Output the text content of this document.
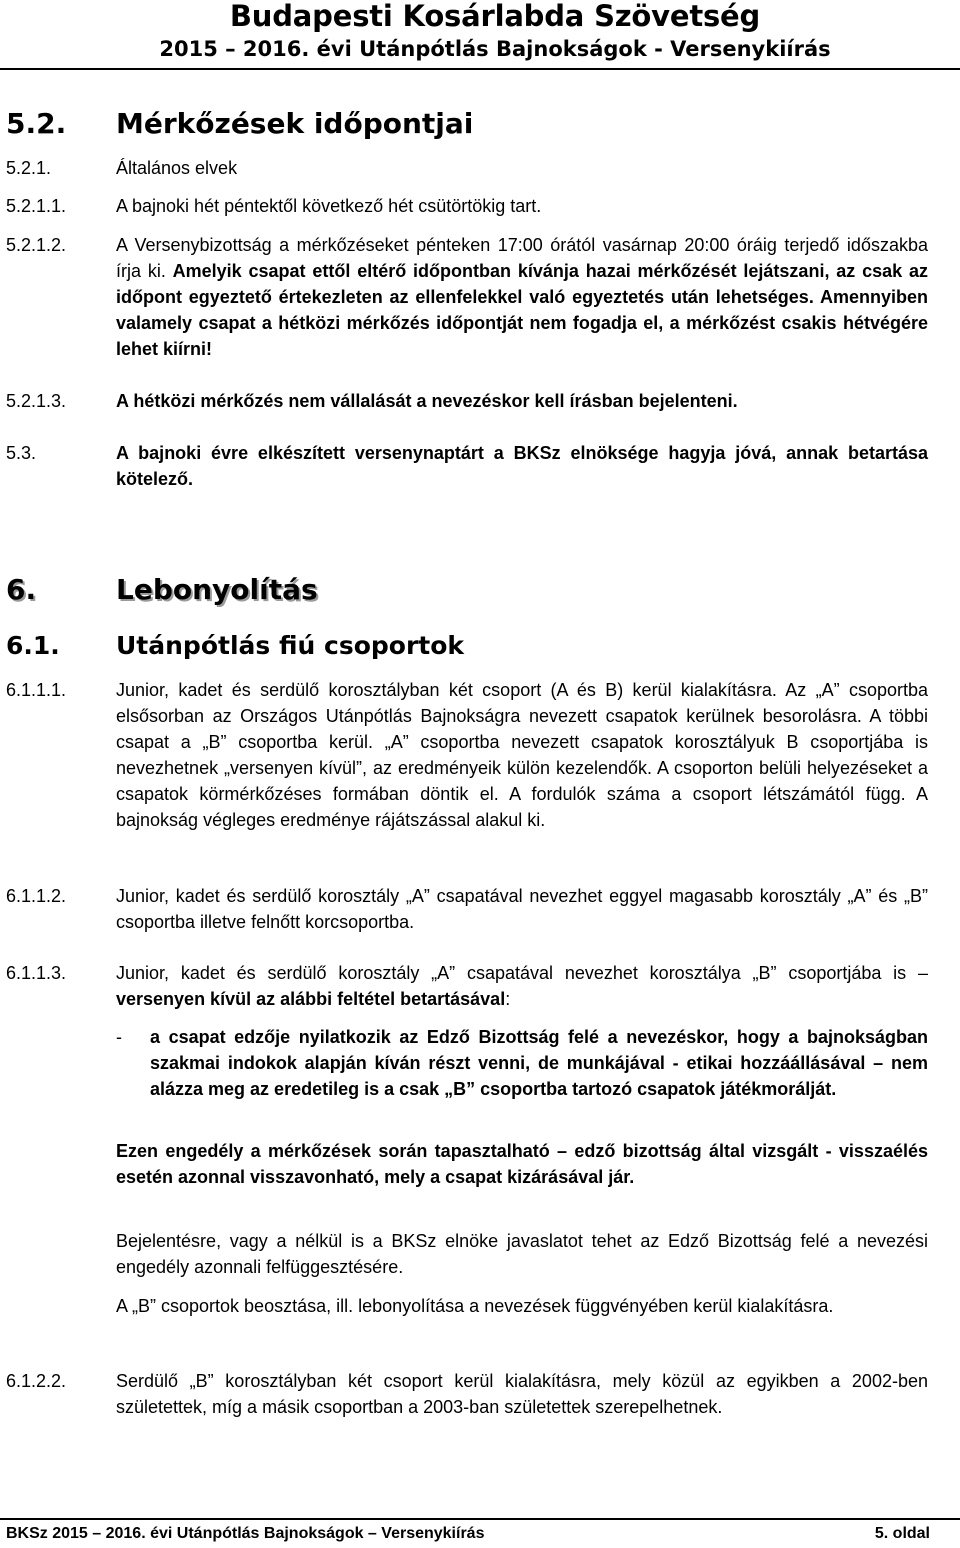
Budapesti Kosárlabda Szövetség
2015 – 2016. évi Utánpótlás Bajnokságok - Versenykiírás
5.2. Mérkőzések időpontjai
5.2.1.	Általános elvek
5.2.1.1.	A bajnoki hét péntektől következő hét csütörtökig tart.
5.2.1.2.	A Versenybizottság a mérkőzéseket pénteken 17:00 órától vasárnap 20:00 óráig terjedő időszakba írja ki. Amelyik csapat ettől eltérő időpontban kívánja hazai mérkőzését lejátszani, az csak az időpont egyeztető értekezleten az ellenfelekkel való egyeztetés után lehetséges. Amennyiben valamely csapat a hétközi mérkőzés időpontját nem fogadja el, a mérkőzést csakis hétvégére lehet kiírni!
5.2.1.3.	A hétközi mérkőzés nem vállalását a nevezéskor kell írásban bejelenteni.
5.3.	A bajnoki évre elkészített versenynaptárt a BKSz elnöksége hagyja jóvá, annak betartása kötelező.
6.	Lebonyolítás
6.1. Utánpótlás fiú csoportok
6.1.1.1.	Junior, kadet és serdülő korosztályban két csoport (A és B) kerül kialakításra. Az „A” csoportba elsősorban az Országos Utánpótlás Bajnokságra nevezett csapatok kerülnek besorolásra. A többi csapat a „B” csoportba kerül. „A” csoportba nevezett csapatok korosztályuk B csoportjába is nevezhetnek „versenyen kívül”, az eredményeik külön kezelendők. A csoporton belüli helyezéseket a csapatok körmérkőzéses formában döntik el. A fordulók száma a csoport létszámától függ. A bajnokság végleges eredménye rájátszással alakul ki.
6.1.1.2.	Junior, kadet és serdülő korosztály „A” csapatával nevezhet eggyel magasabb korosztály „A” és „B” csoportba illetve felnőtt korcsoportba.
6.1.1.3.	Junior, kadet és serdülő korosztály „A” csapatával nevezhet korosztálya „B” csoportjába is – versenyen kívül az alábbi feltétel betartásával:
- a csapat edzője nyilatkozik az Edző Bizottság felé a nevezéskor, hogy a bajnokságban szakmai indokok alapján kíván részt venni, de munkájával - etikai hozzáállásával – nem alázza meg az eredetileg is a csak „B” csoportba tartozó csapatok játékmorálját.
Ezen engedély a mérkőzések során tapasztalható – edző bizottság által vizsgált - visszaélés esetén azonnal visszavonható, mely a csapat kizárásával jár.
Bejelentésre, vagy a nélkül is a BKSz elnöke javaslatot tehet az Edző Bizottság felé a nevezési engedély azonnali felfüggesztésére.
A „B” csoportok beosztása, ill. lebonyolítása a nevezések függvényében kerül kialakításra.
6.1.2.2.	Serdülő „B” korosztályban két csoport kerül kialakításra, mely közül az egyikben a 2002-ben születettek, míg a másik csoportban a 2003-ban születettek szerepelhetnek.
BKSz 2015 – 2016. évi Utánpótlás Bajnokságok – Versenykiírás	5. oldal
